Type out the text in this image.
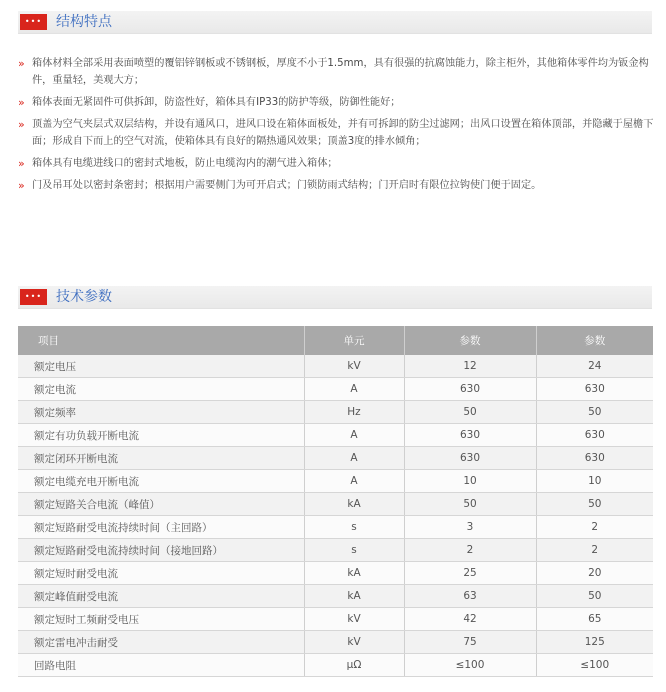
••• 结构特点
» 箱体材料全部采用表面喷塑的覆铝锌钢板或不锈钢板，厚度不小于1.5mm，具有很强的抗腐蚀能力，除主柜外，其他箱体零件均为钣金构件，重量轻，美观大方；
» 箱体表面无紧固件可供拆卸，防盗性好，箱体具有IP33的防护等级，防御性能好；
» 顶盖为空气夹层式双层结构，并设有通风口，进风口设在箱体面板处，并有可拆卸的防尘过滤网；出风口设置在箱体顶部，并隐藏于屋檐下面；形成自下而上的空气对流，使箱体具有良好的隔热通风效果；顶盖3度的排水倾角；
» 箱体具有电缆进线口的密封式地板，防止电缆沟内的潮气进入箱体；
» 门及吊耳处以密封条密封；根据用户需要侧门为可开启式；门锁防雨式结构；门开启时有限位拉钩使门便于固定。
••• 技术参数
项目	单元	参数	参数
额定电压	kV	12	24
额定电流	A	630	630
额定频率	Hz	50	50
额定有功负载开断电流	A	630	630
额定闭环开断电流	A	630	630
额定电缆充电开断电流	A	10	10
额定短路关合电流（峰值）	kA	50	50
额定短路耐受电流持续时间（主回路）	s	3	2
额定短路耐受电流持续时间（接地回路）	s	2	2
额定短时耐受电流	kA	25	20
额定峰值耐受电流	kA	63	50
额定短时工频耐受电压	kV	42	65
额定雷电冲击耐受	kV	75	125
回路电阻	μΩ	≤100	≤100
